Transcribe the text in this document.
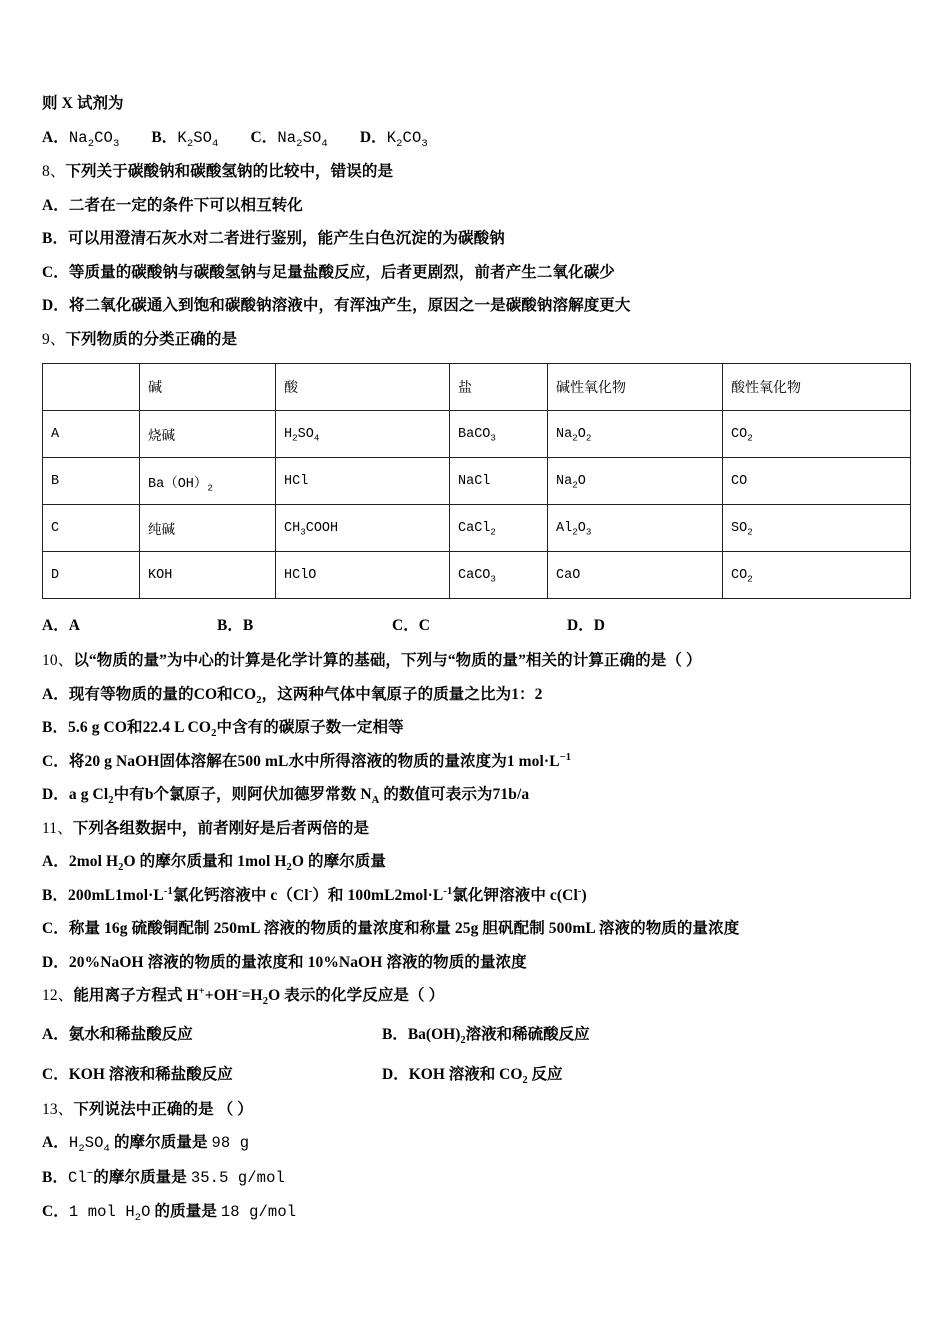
则 X 试剂为
A．$Na_2CO_3$ B．$K_2SO_4$ C．$Na_2SO_4$ D．$K_2CO_3$
8、下列关于碳酸钠和碳酸氢钠的比较中，错误的是
A．二者在一定的条件下可以相互转化
B．可以用澄清石灰水对二者进行鉴别，能产生白色沉淀的为碳酸钠
C．等质量的碳酸钠与碳酸氢钠与足量盐酸反应，后者更剧烈，前者产生二氧化碳少
D．将二氧化碳通入到饱和碳酸钠溶液中，有浑浊产生，原因之一是碳酸钠溶解度更大
9、下列物质的分类正确的是
	碱	酸	盐	碱性氧化物	酸性氧化物
A	烧碱	$H_2SO_4$	BaCO$_3$	$Na_2O_2$	$CO_2$
B	$Ba(OH)_2$	HCl	NaCl	$Na_2O$	CO
C	纯碱	$CH_3COOH$	CaCl$_2$	$Al_2O_3$	$SO_2$
D	KOH	HClO	CaCO$_3$	CaO	$CO_2$
A．A	B．B	C．C	D．D
10、以“物质的量”为中心的计算是化学计算的基础，下列与“物质的量”相关的计算正确的是（ ）
A．现有等物质的量的CO和$CO_2$，这两种气体中氧原子的质量之比为1：2
B．5.6 g CO和22.4 L $CO_2$中含有的碳原子数一定相等
C．将20 g NaOH固体溶解在500 mL水中所得溶液的物质的量浓度为1 $mol\cdot L^{-1}$
D．a g $Cl_2$中有b个氯原子，则阿伏加德罗常数 $N_A$ 的数值可表示为71b/a
11、下列各组数据中，前者刚好是后者两倍的是
A．2mol $H_2O$ 的摩尔质量和 1mol $H_2O$ 的摩尔质量
B．$200mL1mol\cdot L^{-1}$氯化钙溶液中 c（Cl-）和 $100mL2mol\cdot L^{-1}$氯化钾溶液中 c(Cl-)
C．称量 16g 硫酸铜配制 250mL 溶液的物质的量浓度和称量 25g 胆矾配制 500mL 溶液的物质的量浓度
D．20%NaOH 溶液的物质的量浓度和 10%NaOH 溶液的物质的量浓度
12、能用离子方程式 $H^++OH^-=H_2O$ 表示的化学反应是（ ）
A．氨水和稀盐酸反应	B．$Ba(OH)_2$溶液和稀硫酸反应
C．KOH 溶液和稀盐酸反应	D．KOH 溶液和 $CO_2$ 反应
13、下列说法中正确的是 （ ）
A．$H_2SO_4$ 的摩尔质量是 98 g
B．Cl−的摩尔质量是 35.5 g/mol
C．1 mol $H_2O$ 的质量是 18 g/mol
